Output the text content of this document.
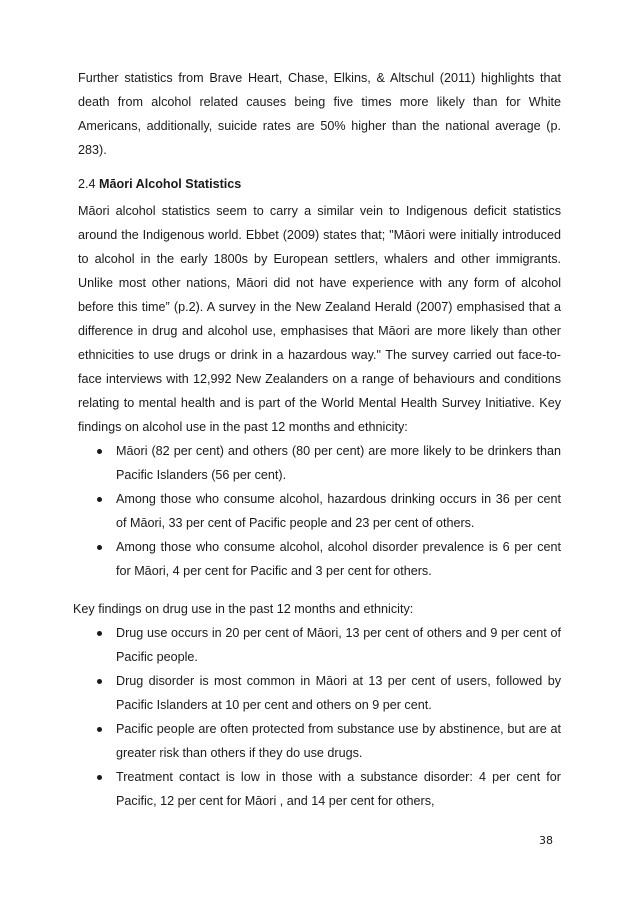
Further statistics from Brave Heart, Chase, Elkins, & Altschul (2011) highlights that death from alcohol related causes being five times more likely than for White Americans, additionally, suicide rates are 50% higher than the national average (p. 283).

2.4 Māori Alcohol Statistics

Māori alcohol statistics seem to carry a similar vein to Indigenous deficit statistics around the Indigenous world. Ebbet (2009) states that; "Māori were initially introduced to alcohol in the early 1800s by European settlers, whalers and other immigrants. Unlike most other nations, Māori did not have experience with any form of alcohol before this time” (p.2). A survey in the New Zealand Herald (2007) emphasised that a difference in drug and alcohol use, emphasises that Māori are more likely than other ethnicities to use drugs or drink in a hazardous way." The survey carried out face-to-face interviews with 12,992 New Zealanders on a range of behaviours and conditions relating to mental health and is part of the World Mental Health Survey Initiative. Key findings on alcohol use in the past 12 months and ethnicity:

Māori (82 per cent) and others (80 per cent) are more likely to be drinkers than Pacific Islanders (56 per cent).
Among those who consume alcohol, hazardous drinking occurs in 36 per cent of Māori, 33 per cent of Pacific people and 23 per cent of others.
Among those who consume alcohol, alcohol disorder prevalence is 6 per cent for Māori, 4 per cent for Pacific and 3 per cent for others.

Key findings on drug use in the past 12 months and ethnicity:

Drug use occurs in 20 per cent of Māori, 13 per cent of others and 9 per cent of Pacific people.
Drug disorder is most common in Māori at 13 per cent of users, followed by Pacific Islanders at 10 per cent and others on 9 per cent.
Pacific people are often protected from substance use by abstinence, but are at greater risk than others if they do use drugs.
Treatment contact is low in those with a substance disorder: 4 per cent for Pacific, 12 per cent for Māori , and 14 per cent for others,
38
